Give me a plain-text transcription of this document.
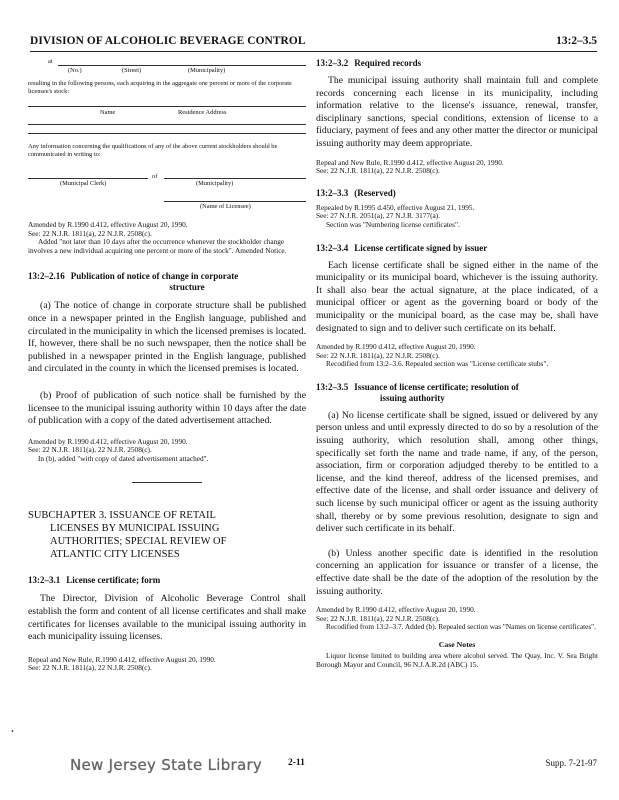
DIVISION OF ALCOHOLIC BEVERAGE CONTROL	13:2–3.5
at
(No.)	(Street)	(Municipality)

resulting in the following persons, each acquiring in the aggregate one percent or more of the corporate licensee's stock:

Name	Residence Address

Any information concerning the qualifications of any of the above current stockholders should be communicated in writing to:

of
(Municipal Clerk)	(Municipality)
(Name of Licensee)

Amended by R.1990 d.412, effective August 20, 1990.

See: 22 N.J.R. 1811(a), 22 N.J.R. 2508(c).

Added "not later than 10 days after the occurrence whenever the stockholder change involves a new individual acquiring one percent or more of the stock". Amended Notice.

13:2–2.16 Publication of notice of change in corporate
structure

(a) The notice of change in corporate structure shall be published once in a newspaper printed in the English language, published and circulated in the municipality in which the licensed premises is located. If, however, there shall be no such newspaper, then the notice shall be published in a newspaper printed in the English language, published and circulated in the county in which the licensed premises is located.

(b) Proof of publication of such notice shall be furnished by the licensee to the municipal issuing authority within 10 days after the date of publication with a copy of the dated advertisement attached.

Amended by R.1990 d.412, effective August 20, 1990.

See: 22 N.J.R. 1811(a), 22 N.J.R. 2508(c).

In (b), added "with copy of dated advertisement attached".

SUBCHAPTER 3. ISSUANCE OF RETAIL
LICENSES BY MUNICIPAL ISSUING
AUTHORITIES; SPECIAL REVIEW OF
ATLANTIC CITY LICENSES

13:2–3.1 License certificate; form

The Director, Division of Alcoholic Beverage Control shall establish the form and content of all license certificates and shall make certificates for licenses available to the municipal issuing authority in each municipality issuing licenses.

Repeal and New Rule, R.1990 d.412, effective August 20, 1990.

See: 22 N.J.R. 1811(a), 22 N.J.R. 2508(c).

13:2–3.2 Required records

The municipal issuing authority shall maintain full and complete records concerning each license in its municipality, including information relative to the license's issuance, renewal, transfer, disciplinary sanctions, special conditions, extension of license to a fiduciary, payment of fees and any other matter the director or municipal issuing authority may deem appropriate.

Repeal and New Rule, R.1990 d.412, effective August 20, 1990.

See: 22 N.J.R. 1811(a), 22 N.J.R. 2508(c).

13:2–3.3 (Reserved)

Repealed by R.1995 d.450, effective August 21, 1995.

See: 27 N.J.R. 2051(a), 27 N.J.R. 3177(a).

Section was "Numbering license certificates".

13:2–3.4 License certificate signed by issuer

Each license certificate shall be signed either in the name of the municipality or its municipal board, whichever is the issuing authority. It shall also bear the actual signature, at the place indicated, of a municipal officer or agent as the governing board or body of the municipality or the municipal board, as the case may be, shall have designated to sign and to deliver such certificate on its behalf.

Amended by R.1990 d.412, effective August 20, 1990.

See: 22 N.J.R. 1811(a), 22 N.J.R. 2508(c).

Recodified from 13:2–3.6. Repealed section was "License certificate stubs".

13:2–3.5 Issuance of license certificate; resolution of
issuing authority

(a) No license certificate shall be signed, issued or delivered by any person unless and until expressly directed to do so by a resolution of the issuing authority, which resolution shall, among other things, specifically set forth the name and trade name, if any, of the person, association, firm or corporation adjudged thereby to be entitled to a license, and the kind thereof, address of the licensed premises, and effective date of the license, and shall order issuance and delivery of such license by such municipal officer or agent as the issuing authority shall, thereby or by some previous resolution, designate to sign and deliver such certificate in its behalf.

(b) Unless another specific date is identified in the resolution concerning an application for issuance or transfer of a license, the effective date shall be the date of the adoption of the resolution by the issuing authority.

Amended by R.1990 d.412, effective August 20, 1990.

See: 22 N.J.R. 1811(a), 22 N.J.R. 2508(c).

Recodified from 13:2–3.7. Added (b). Repealed section was "Names on license certificates".

Case Notes

Liquor license limited to building area where alcohol served. The Quay, Inc. V. Sea Bright Borough Mayor and Council, 96 N.J.A.R.2d (ABC) 15.

•
New Jersey State Library	2-11	Supp. 7-21-97
